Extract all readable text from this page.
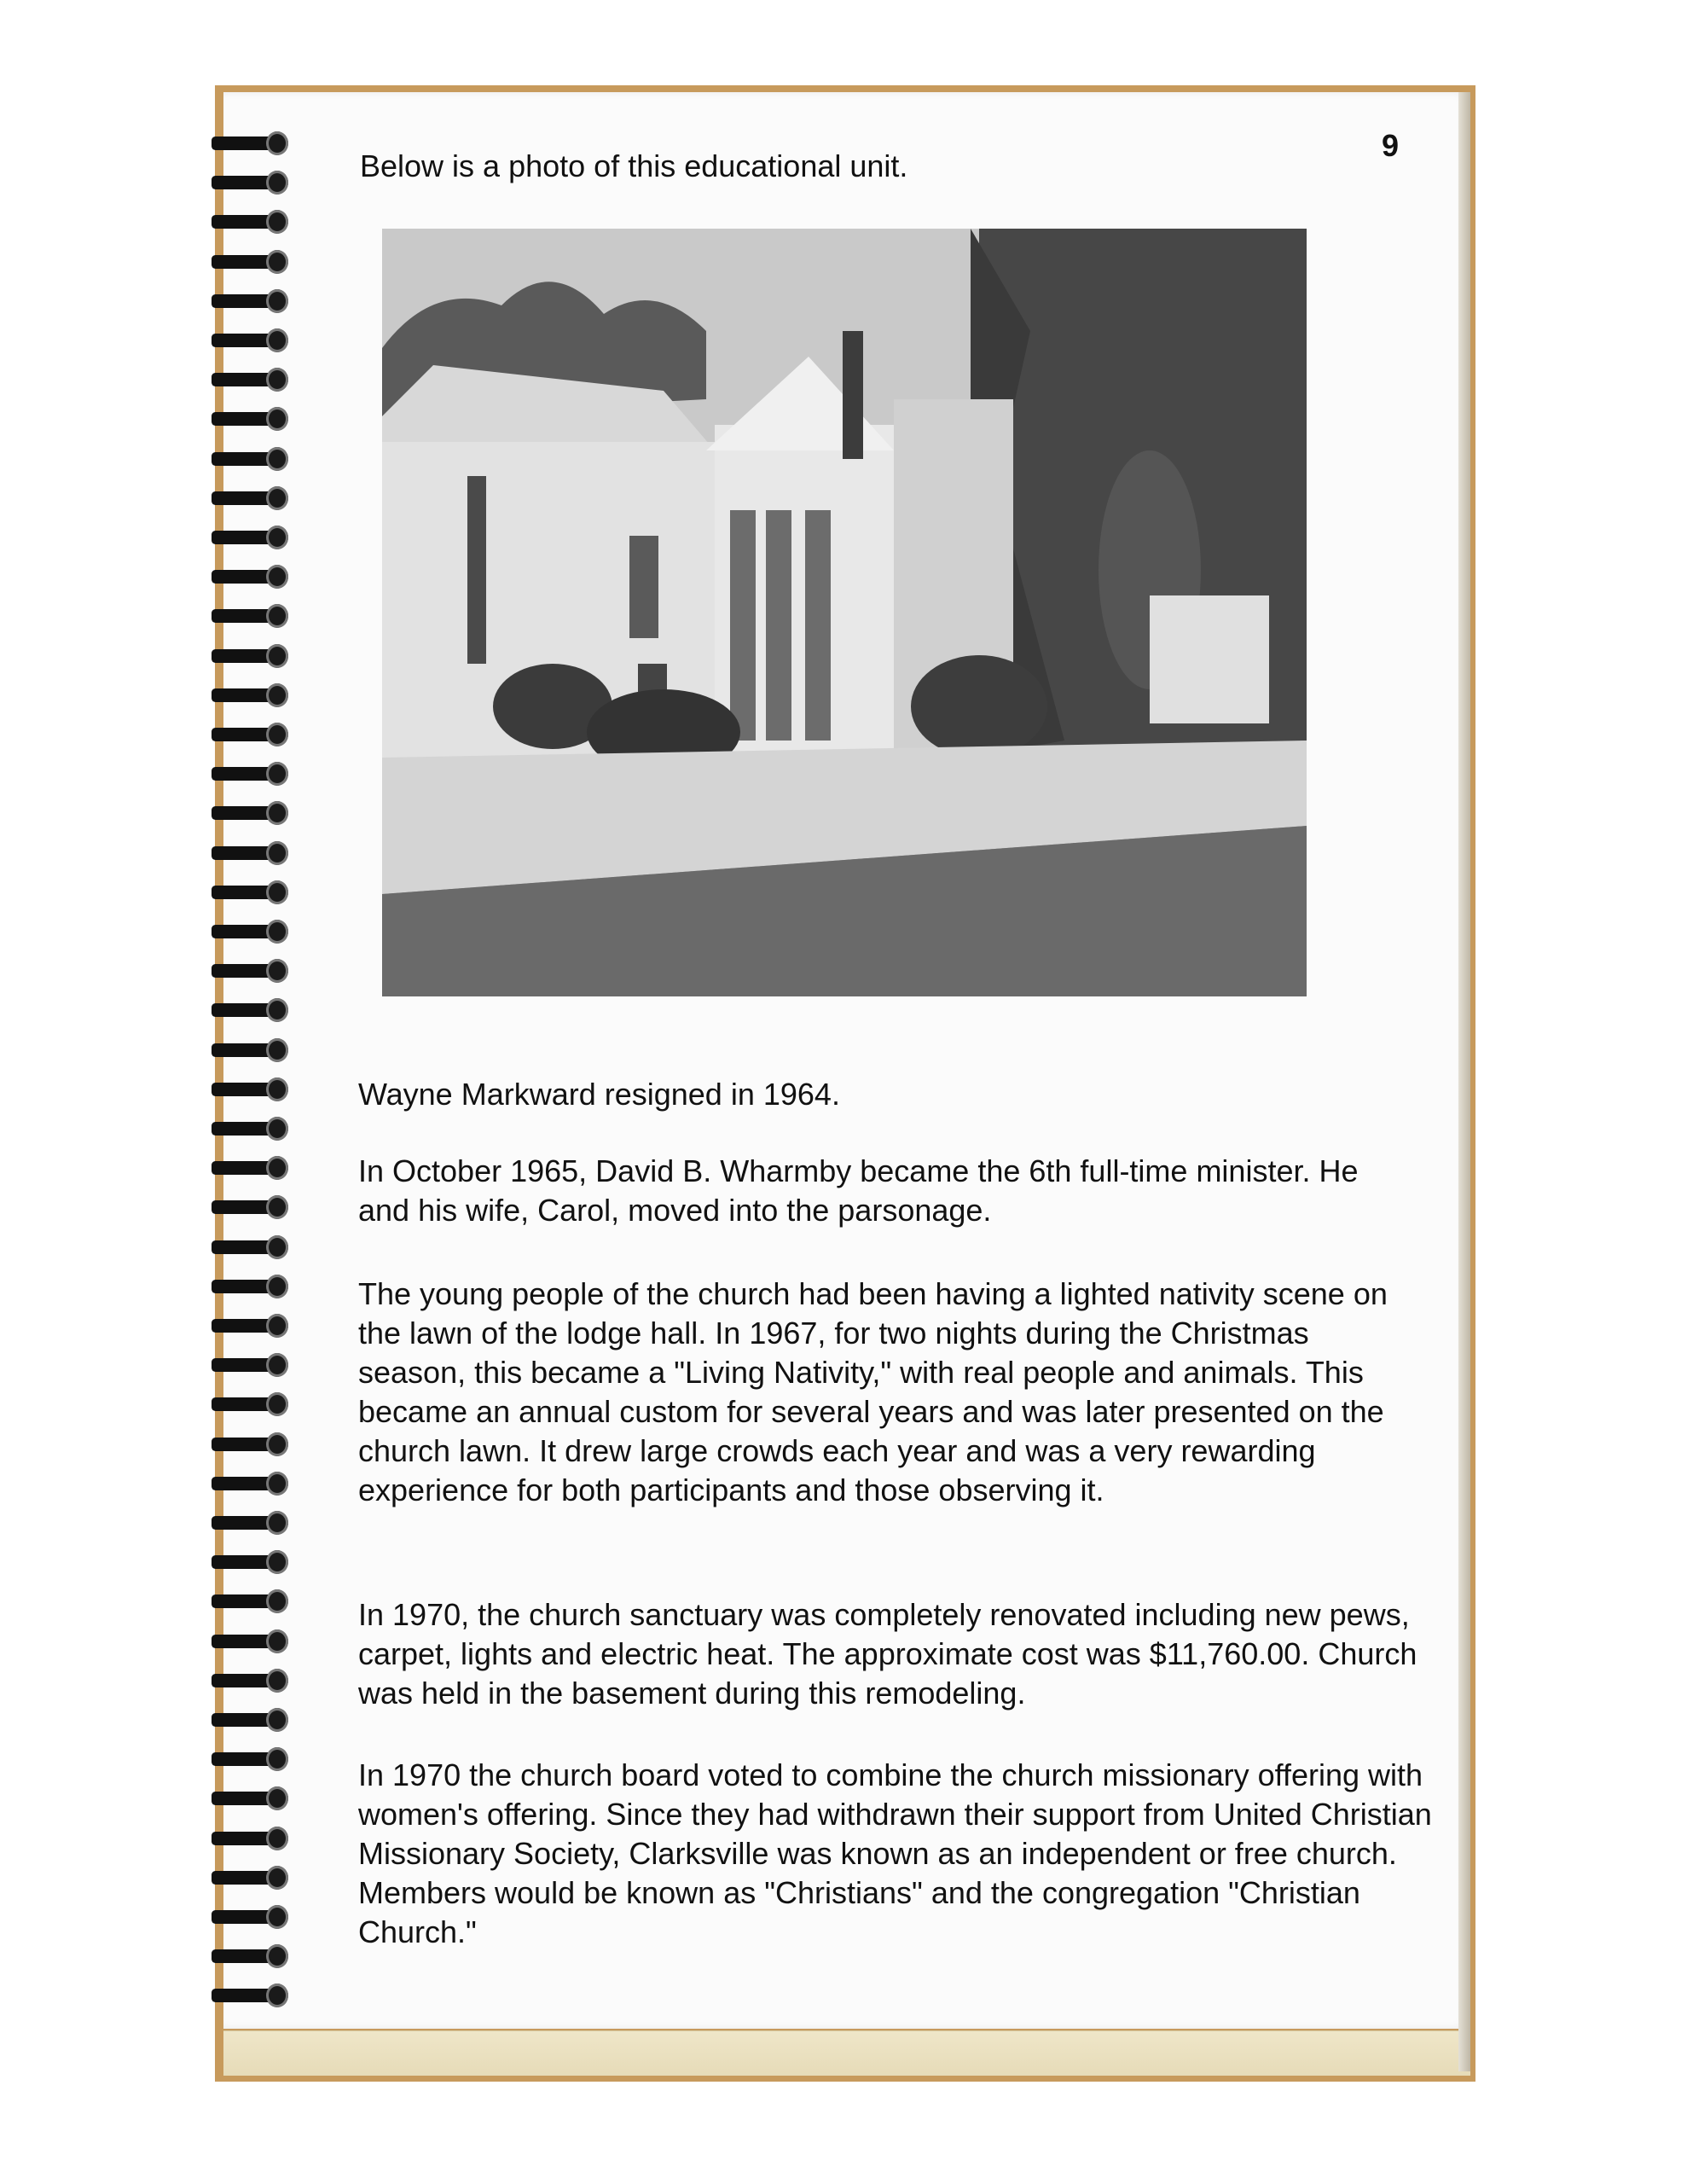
9
Below is a photo of this educational unit.
Wayne Markward resigned in 1964.
In October 1965, David B. Wharmby became the 6th full-time minister. He and his wife, Carol, moved into the parsonage.
The young people of the church had been having a lighted nativity scene on the lawn of the lodge hall. In 1967, for two nights during the Christmas season, this became a "Living Nativity," with real people and animals. This became an annual custom for several years and was later presented on the church lawn. It drew large crowds each year and was a very rewarding experience for both participants and those observing it.
In 1970, the church sanctuary was completely renovated including new pews, carpet, lights and electric heat. The approximate cost was $11,760.00. Church was held in the basement during this remodeling.
In 1970 the church board voted to combine the church missionary offering with women's offering. Since they had withdrawn their support from United Christian Missionary Society, Clarksville was known as an independent or free church. Members would be known as "Christians" and the congregation "Christian Church."
